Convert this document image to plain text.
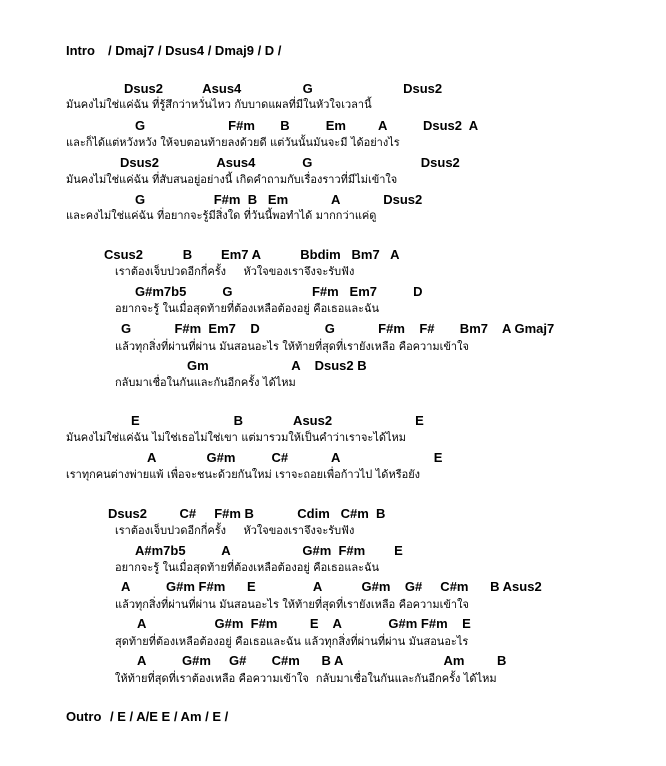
Intro / Dmaj7 / Dsus4 / Dmaj9 / D /
Dsus2           Asus4                 G                         Dsus2
มันคงไม่ใช่แค่ฉัน ที่รู้สึกว่าหวั่นไหว กับบาดแผลที่มีในหัวใจเวลานี้
G                       F#m       B          Em         A          Dsus2  A
และก็ได้แต่หวังหวัง ให้จบตอนท้ายลงด้วยดี แต่วันนั้นมันจะมี ได้อย่างไร
Dsus2                Asus4             G                              Dsus2
มันคงไม่ใช่แค่ฉัน ที่สับสนอยู่อย่างนี้ เกิดคำถามกับเรื่องราวที่มีไม่เข้าใจ
G                   F#m  B   Em            A            Dsus2
และคงไม่ใช่แค่ฉัน ที่อยากจะรู้มีสิ่งใด ที่วันนี้พอทำได้ มากกว่าแค่ดู
Csus2           B        Em7 A           Bbdim   Bm7   A
เราต้องเจ็บปวดอีกกี่ครั้ง     หัวใจของเราจึงจะรับฟัง
G#m7b5          G                      F#m   Em7          D
อยากจะรู้ ในเมื่อสุดท้ายที่ต้องเหลือต้องอยู่ คือเธอและฉัน
G            F#m  Em7    D                  G            F#m    F#       Bm7    A Gmaj7
แล้วทุกสิ่งที่ผ่านที่ผ่าน มันสอนอะไร ให้ท้ายที่สุดที่เรายังเหลือ คือความเข้าใจ
Gm                       A    Dsus2 B
กลับมาเชื่อในกันและกันอีกครั้ง ได้ไหม
E                          B              Asus2                       E
มันคงไม่ใช่แค่ฉัน ไม่ใช่เธอไม่ใช่เขา แต่มารวมให้เป็นคำว่าเราจะได้ไหม
A              G#m          C#            A                          E
เราทุกคนต่างพ่ายแพ้ เพื่อจะชนะด้วยกันใหม่ เราจะถอยเพื่อก้าวไป ได้หรือยัง
Dsus2         C#     F#m B            Cdim   C#m  B
เราต้องเจ็บปวดอีกกี่ครั้ง     หัวใจของเราจึงจะรับฟัง
A#m7b5          A                    G#m  F#m        E
อยากจะรู้ ในเมื่อสุดท้ายที่ต้องเหลือต้องอยู่ คือเธอและฉัน
A          G#m F#m      E                A           G#m    G#     C#m      B Asus2
แล้วทุกสิ่งที่ผ่านที่ผ่าน มันสอนอะไร ให้ท้ายที่สุดที่เรายังเหลือ คือความเข้าใจ
A                   G#m  F#m         E    A             G#m F#m    E
สุดท้ายที่ต้องเหลือต้องอยู่ คือเธอและฉัน แล้วทุกสิ่งที่ผ่านที่ผ่าน มันสอนอะไร
A          G#m     G#       C#m      B A                            Am         B
ให้ท้ายที่สุดที่เราต้องเหลือ คือความเข้าใจ  กลับมาเชื่อในกันและกันอีกครั้ง ได้ไหม
Outro / E / A/E E / Am / E /
